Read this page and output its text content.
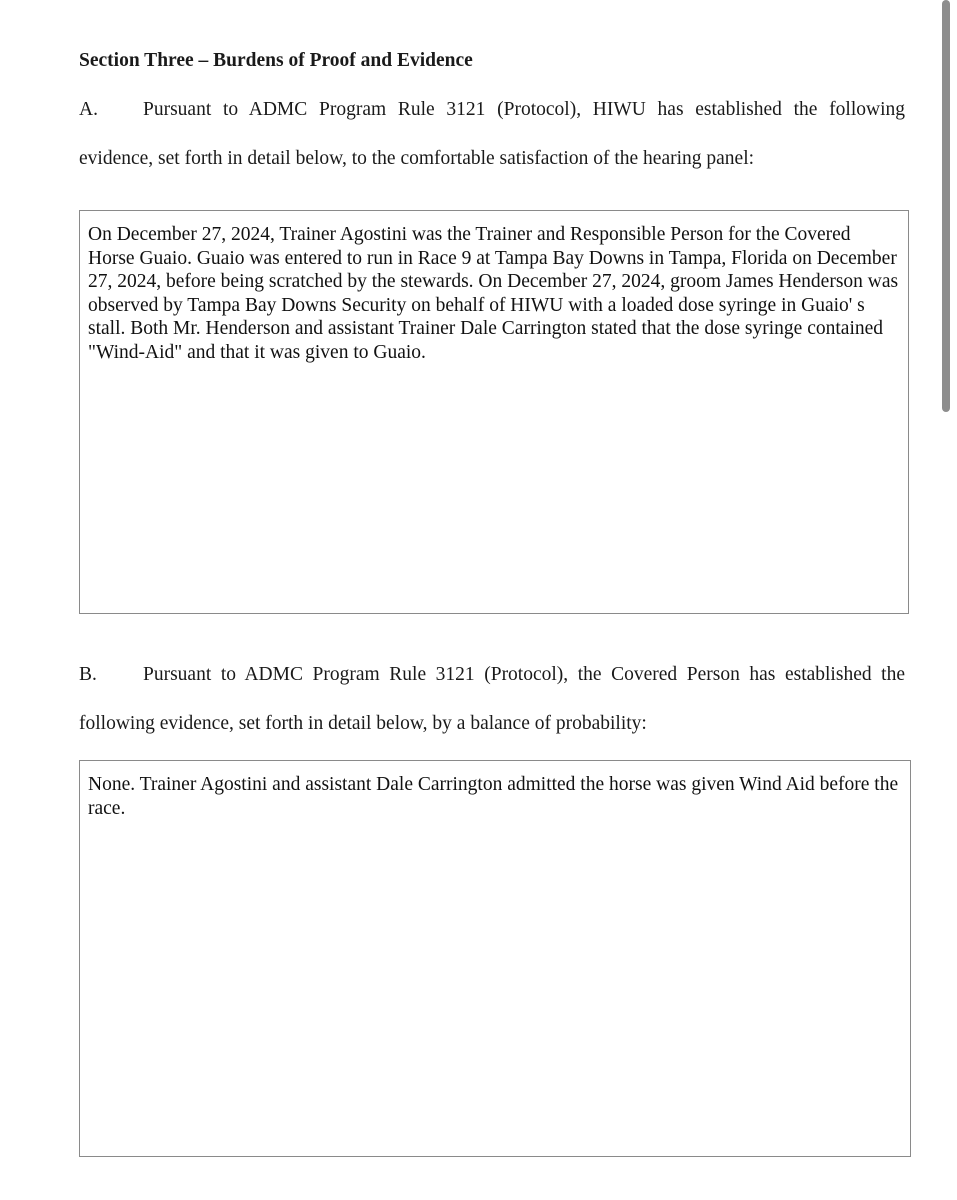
Section Three – Burdens of Proof and Evidence
A.	Pursuant to ADMC Program Rule 3121 (Protocol), HIWU has established the following
evidence, set forth in detail below, to the comfortable satisfaction of the hearing panel:

On December 27, 2024, Trainer Agostini was the Trainer and Responsible Person for the Covered Horse Guaio. Guaio was entered to run in Race 9 at Tampa Bay Downs in Tampa, Florida on December 27, 2024, before being scratched by the stewards. On December 27, 2024, groom James Henderson was observed by Tampa Bay Downs Security on behalf of HIWU with a loaded dose syringe in Guaio' s stall. Both Mr. Henderson and assistant Trainer Dale Carrington stated that the dose syringe contained "Wind-Aid" and that it was given to Guaio.

B.	Pursuant to ADMC Program Rule 3121 (Protocol), the Covered Person has established the
following evidence, set forth in detail below, by a balance of probability:

None. Trainer Agostini and assistant Dale Carrington admitted the horse was given Wind Aid before the race.
